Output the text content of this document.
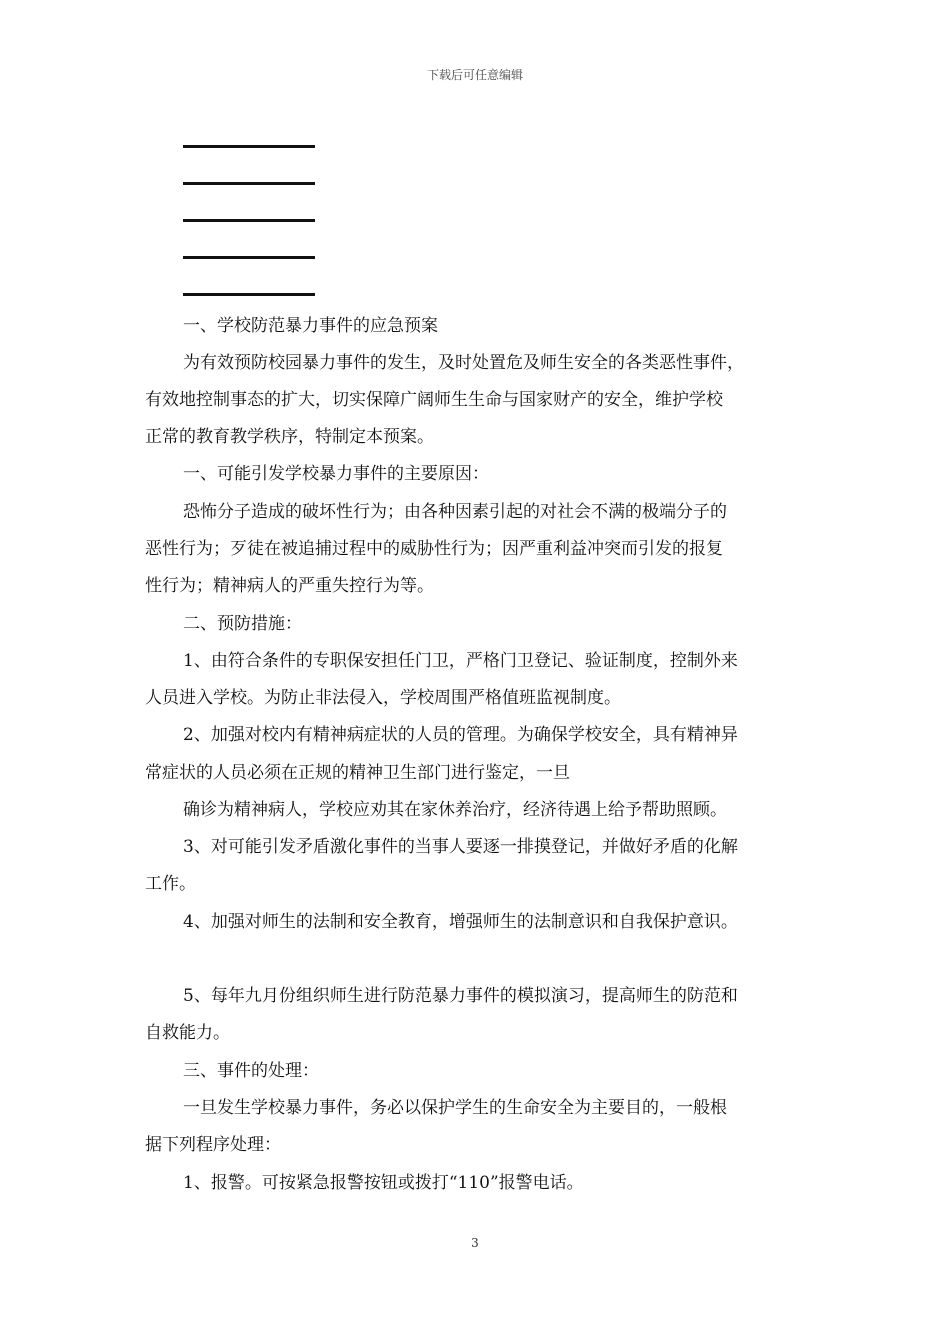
下载后可任意编辑
一、学校防范暴力事件的应急预案
为有效预防校园暴力事件的发生，及时处置危及师生安全的各类恶性事件，
有效地控制事态的扩大，切实保障广阔师生生命与国家财产的安全，维护学校
正常的教育教学秩序，特制定本预案。
一、可能引发学校暴力事件的主要原因：
恐怖分子造成的破坏性行为；由各种因素引起的对社会不满的极端分子的
恶性行为；歹徒在被追捕过程中的威胁性行为；因严重利益冲突而引发的报复
性行为；精神病人的严重失控行为等。
二、预防措施：
1、由符合条件的专职保安担任门卫，严格门卫登记、验证制度，控制外来
人员进入学校。为防止非法侵入，学校周围严格值班监视制度。
2、加强对校内有精神病症状的人员的管理。为确保学校安全，具有精神异
常症状的人员必须在正规的精神卫生部门进行鉴定，一旦
确诊为精神病人，学校应劝其在家休养治疗，经济待遇上给予帮助照顾。
3、对可能引发矛盾激化事件的当事人要逐一排摸登记，并做好矛盾的化解
工作。
4、加强对师生的法制和安全教育，增强师生的法制意识和自我保护意识。
5、每年九月份组织师生进行防范暴力事件的模拟演习，提高师生的防范和
自救能力。
三、事件的处理：
一旦发生学校暴力事件，务必以保护学生的生命安全为主要目的，一般根
据下列程序处理：
1、报警。可按紧急报警按钮或拨打“110”报警电话。
3
